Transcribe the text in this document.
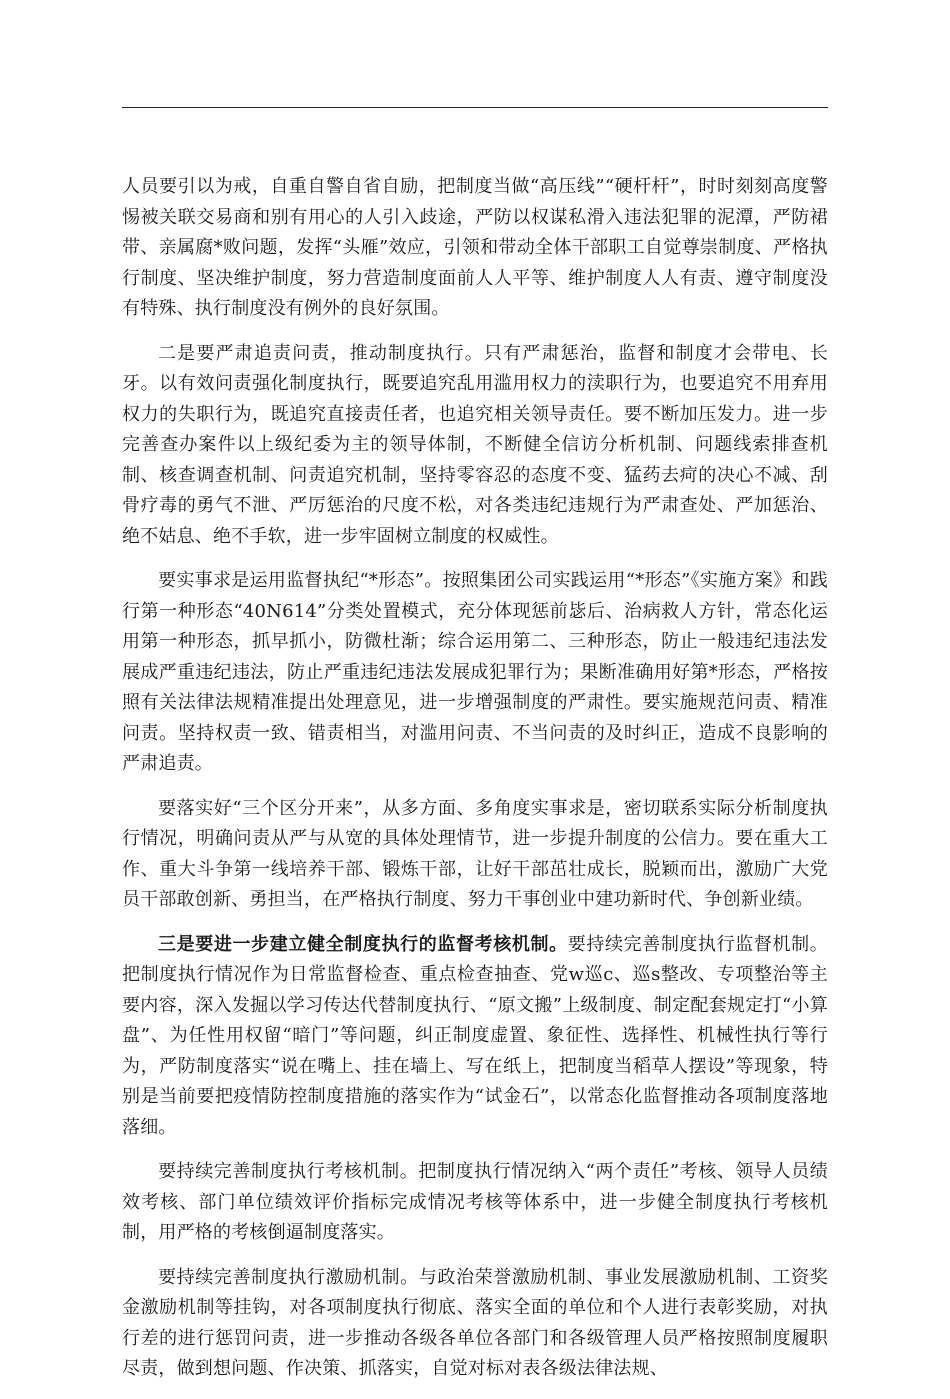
人员要引以为戒，自重自警自省自励，把制度当做“高压线”“硬杆杆”，时时刻刻高度警惕被关联交易商和别有用心的人引入歧途，严防以权谋私滑入违法犯罪的泥潭，严防裙带、亲属腐*败问题，发挥“头雁”效应，引领和带动全体干部职工自觉尊崇制度、严格执行制度、坚决维护制度，努力营造制度面前人人平等、维护制度人人有责、遵守制度没有特殊、执行制度没有例外的良好氛围。

二是要严肃追责问责，推动制度执行。只有严肃惩治，监督和制度才会带电、长牙。以有效问责强化制度执行，既要追究乱用滥用权力的渎职行为，也要追究不用弃用权力的失职行为，既追究直接责任者，也追究相关领导责任。要不断加压发力。进一步完善查办案件以上级纪委为主的领导体制，不断健全信访分析机制、问题线索排查机制、核查调查机制、问责追究机制，坚持零容忍的态度不变、猛药去疴的决心不减、刮骨疗毒的勇气不泄、严厉惩治的尺度不松，对各类违纪违规行为严肃查处、严加惩治、绝不姑息、绝不手软，进一步牢固树立制度的权威性。

要实事求是运用监督执纪“*形态”。按照集团公司实践运用“*形态”《实施方案》和践行第一种形态“40N614”分类处置模式，充分体现惩前毖后、治病救人方针，常态化运用第一种形态，抓早抓小，防微杜渐；综合运用第二、三种形态，防止一般违纪违法发展成严重违纪违法，防止严重违纪违法发展成犯罪行为；果断准确用好第*形态，严格按照有关法律法规精准提出处理意见，进一步增强制度的严肃性。要实施规范问责、精准问责。坚持权责一致、错责相当，对滥用问责、不当问责的及时纠正，造成不良影响的严肃追责。

要落实好“三个区分开来”，从多方面、多角度实事求是，密切联系实际分析制度执行情况，明确问责从严与从宽的具体处理情节，进一步提升制度的公信力。要在重大工作、重大斗争第一线培养干部、锻炼干部，让好干部茁壮成长，脱颖而出，激励广大党员干部敢创新、勇担当，在严格执行制度、努力干事创业中建功新时代、争创新业绩。

三是要进一步建立健全制度执行的监督考核机制。要持续完善制度执行监督机制。把制度执行情况作为日常监督检查、重点检查抽查、党w巡c、巡s整改、专项整治等主要内容，深入发掘以学习传达代替制度执行、“原文搬”上级制度、制定配套规定打“小算盘”、为任性用权留“暗门”等问题，纠正制度虚置、象征性、选择性、机械性执行等行为，严防制度落实“说在嘴上、挂在墙上、写在纸上，把制度当稻草人摆设”等现象，特别是当前要把疫情防控制度措施的落实作为“试金石”，以常态化监督推动各项制度落地落细。

要持续完善制度执行考核机制。把制度执行情况纳入“两个责任”考核、领导人员绩效考核、部门单位绩效评价指标完成情况考核等体系中，进一步健全制度执行考核机制，用严格的考核倒逼制度落实。

要持续完善制度执行激励机制。与政治荣誉激励机制、事业发展激励机制、工资奖金激励机制等挂钩，对各项制度执行彻底、落实全面的单位和个人进行表彰奖励，对执行差的进行惩罚问责，进一步推动各级各单位各部门和各级管理人员严格按照制度履职尽责，做到想问题、作决策、抓落实，自觉对标对表各级法律法规、
